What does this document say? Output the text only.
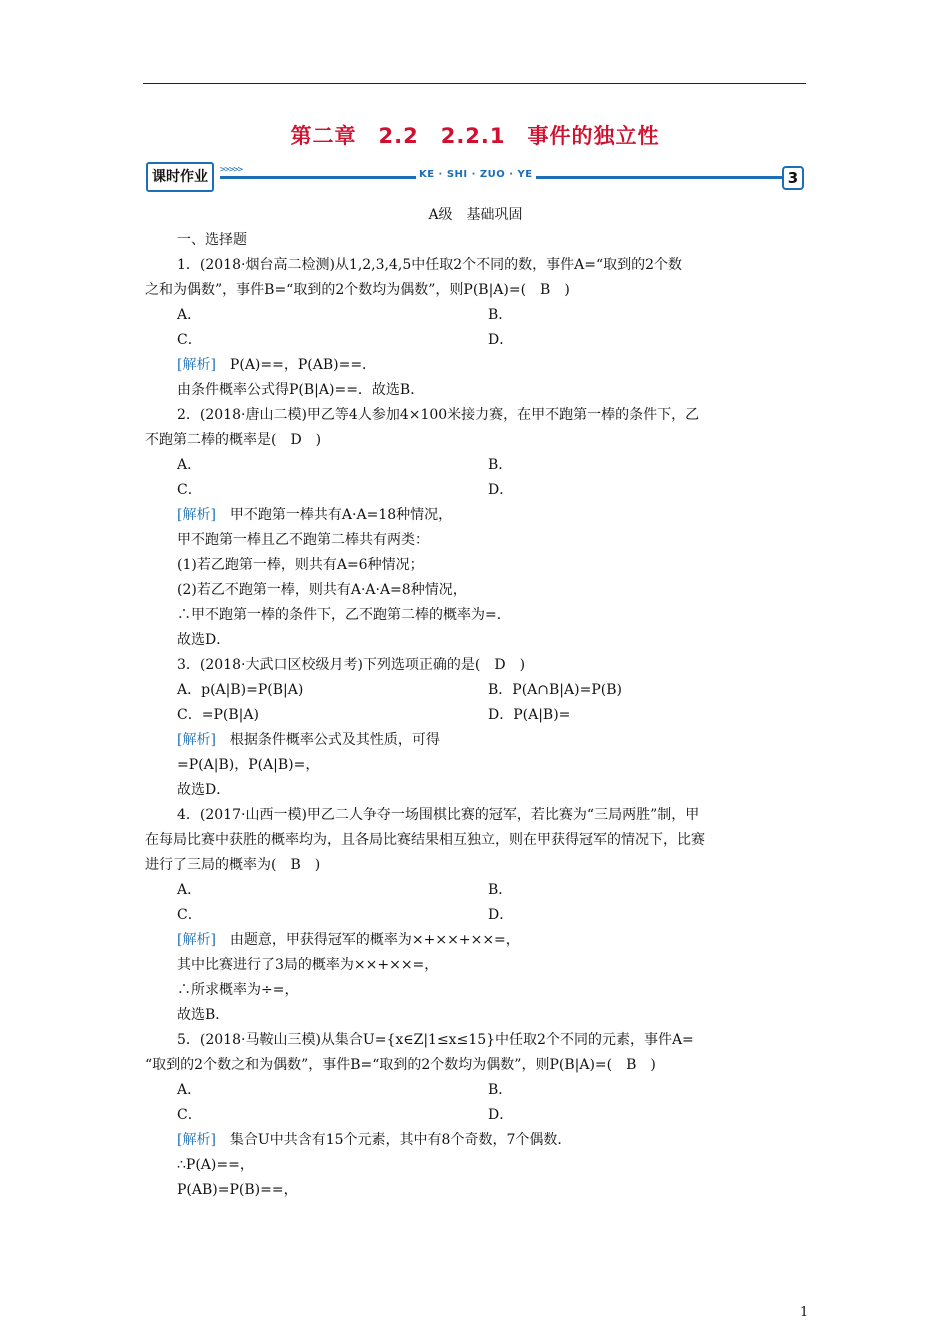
第二章　2.2　2.2.1　事件的独立性
课时作业	>>>>>	KE · SHI · ZUO · YE	3
A级　基础巩固
一、选择题
1．(2018·烟台高二检测)从1,2,3,4,5中任取2个不同的数，事件A=“取到的2个数
之和为偶数”，事件B=“取到的2个数均为偶数”，则P(B|A)=(　B　)
A．	B．
C．	D．
[解析]　P(A)==，P(AB)==．
由条件概率公式得P(B|A)==．故选B．
2．(2018·唐山二模)甲乙等4人参加4×100米接力赛，在甲不跑第一棒的条件下，乙
不跑第二棒的概率是(　D　)
A．	B．
C．	D．
[解析]　甲不跑第一棒共有A·A=18种情况，
甲不跑第一棒且乙不跑第二棒共有两类：
(1)若乙跑第一棒，则共有A=6种情况；
(2)若乙不跑第一棒，则共有A·A·A=8种情况，
∴甲不跑第一棒的条件下，乙不跑第二棒的概率为=．
故选D．
3．(2018·大武口区校级月考)下列选项正确的是(　D　)
A．p(A|B)=P(B|A)	B．P(A∩B|A)=P(B)
C．=P(B|A)	D．P(A|B)=
[解析]　根据条件概率公式及其性质，可得
=P(A|B)，P(A|B)=，
故选D．
4．(2017·山西一模)甲乙二人争夺一场围棋比赛的冠军，若比赛为“三局两胜”制，甲
在每局比赛中获胜的概率均为，且各局比赛结果相互独立，则在甲获得冠军的情况下，比赛
进行了三局的概率为(　B　)
A．	B．
C．	D．
[解析]　由题意，甲获得冠军的概率为×+××+××=，
其中比赛进行了3局的概率为××+××=，
∴所求概率为÷=，
故选B．
5．(2018·马鞍山三模)从集合U={x∈Z|1≤x≤15}中任取2个不同的元素，事件A=
“取到的2个数之和为偶数”，事件B=“取到的2个数均为偶数”，则P(B|A)=(　B　)
A．	B．
C．	D．
[解析]　集合U中共含有15个元素，其中有8个奇数，7个偶数．
∴P(A)==，
P(AB)=P(B)==，
1
